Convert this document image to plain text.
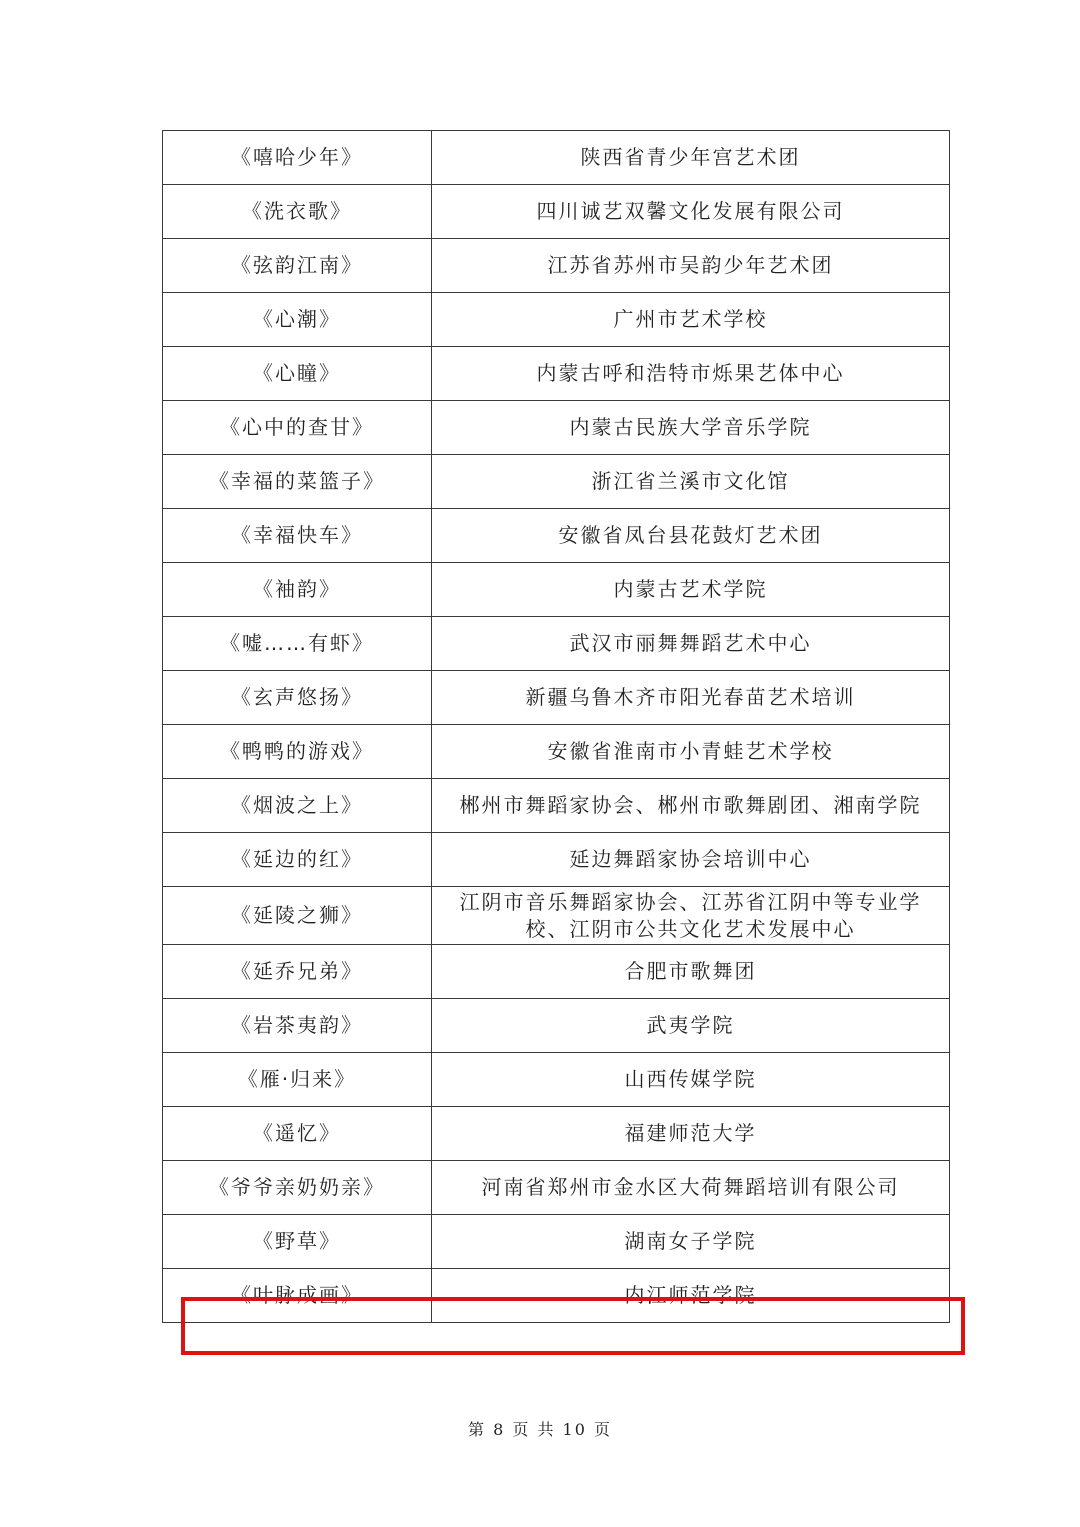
《嘻哈少年》	陕西省青少年宫艺术团
《洗衣歌》	四川诚艺双馨文化发展有限公司
《弦韵江南》	江苏省苏州市吴韵少年艺术团
《心潮》	广州市艺术学校
《心瞳》	内蒙古呼和浩特市烁果艺体中心
《心中的查甘》	内蒙古民族大学音乐学院
《幸福的菜篮子》	浙江省兰溪市文化馆
《幸福快车》	安徽省凤台县花鼓灯艺术团
《袖韵》	内蒙古艺术学院
《嘘……有虾》	武汉市丽舞舞蹈艺术中心
《玄声悠扬》	新疆乌鲁木齐市阳光春苗艺术培训
《鸭鸭的游戏》	安徽省淮南市小青蛙艺术学校
《烟波之上》	郴州市舞蹈家协会、郴州市歌舞剧团、湘南学院
《延边的红》	延边舞蹈家协会培训中心
《延陵之狮》	江阴市音乐舞蹈家协会、江苏省江阴中等专业学校、江阴市公共文化艺术发展中心
《延乔兄弟》	合肥市歌舞团
《岩茶夷韵》	武夷学院
《雁·归来》	山西传媒学院
《遥忆》	福建师范大学
《爷爷亲奶奶亲》	河南省郑州市金水区大荷舞蹈培训有限公司
《野草》	湖南女子学院
《叶脉成画》	内江师范学院
第 8 页 共 10 页
